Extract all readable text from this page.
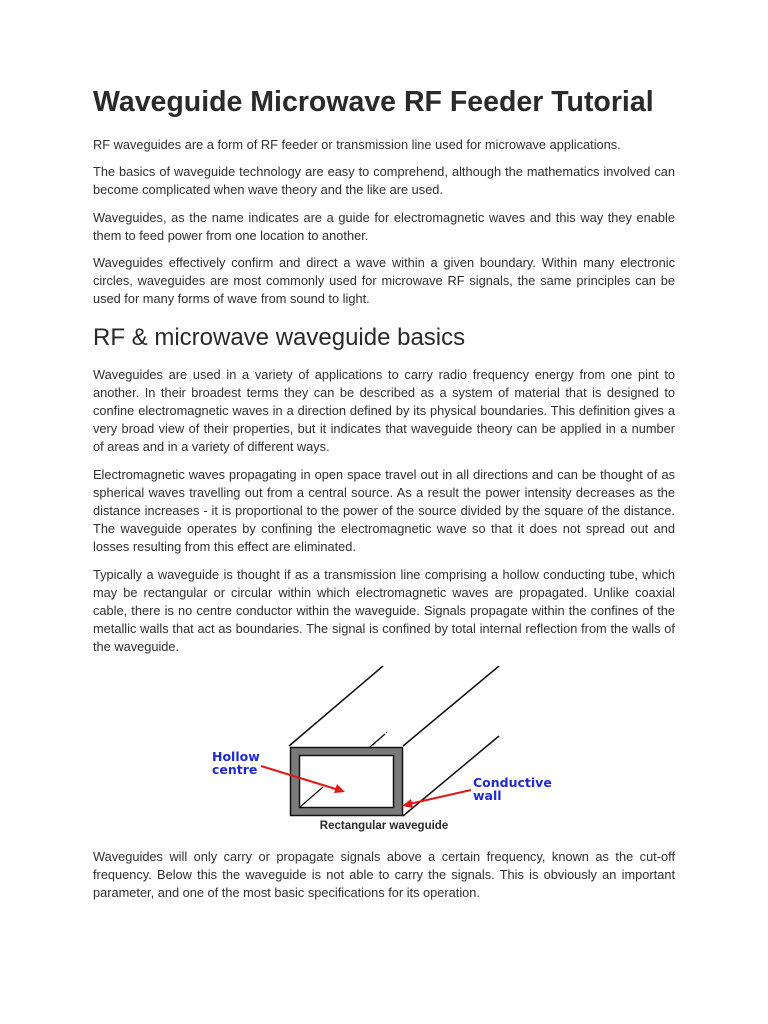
Waveguide Microwave RF Feeder Tutorial

RF waveguides are a form of RF feeder or transmission line used for microwave applications.

The basics of waveguide technology are easy to comprehend, although the mathematics involved can become complicated when wave theory and the like are used.

Waveguides, as the name indicates are a guide for electromagnetic waves and this way they enable them to feed power from one location to another.

Waveguides effectively confirm and direct a wave within a given boundary. Within many electronic circles, waveguides are most commonly used for microwave RF signals, the same principles can be used for many forms of wave from sound to light.

RF & microwave waveguide basics

Waveguides are used in a variety of applications to carry radio frequency energy from one pint to another. In their broadest terms they can be described as a system of material that is designed to confine electromagnetic waves in a direction defined by its physical boundaries. This definition gives a very broad view of their properties, but it indicates that waveguide theory can be applied in a number of areas and in a variety of different ways.

Electromagnetic waves propagating in open space travel out in all directions and can be thought of as spherical waves travelling out from a central source. As a result the power intensity decreases as the distance increases - it is proportional to the power of the source divided by the square of the distance. The waveguide operates by confining the electromagnetic wave so that it does not spread out and losses resulting from this effect are eliminated.

Typically a waveguide is thought if as a transmission line comprising a hollow conducting tube, which may be rectangular or circular within which electromagnetic waves are propagated. Unlike coaxial cable, there is no centre conductor within the waveguide. Signals propagate within the confines of the metallic walls that act as boundaries. The signal is confined by total internal reflection from the walls of the waveguide.

Hollow
centre
Conductive
wall
Rectangular waveguide

Waveguides will only carry or propagate signals above a certain frequency, known as the cut-off frequency. Below this the waveguide is not able to carry the signals. This is obviously an important parameter, and one of the most basic specifications for its operation.
